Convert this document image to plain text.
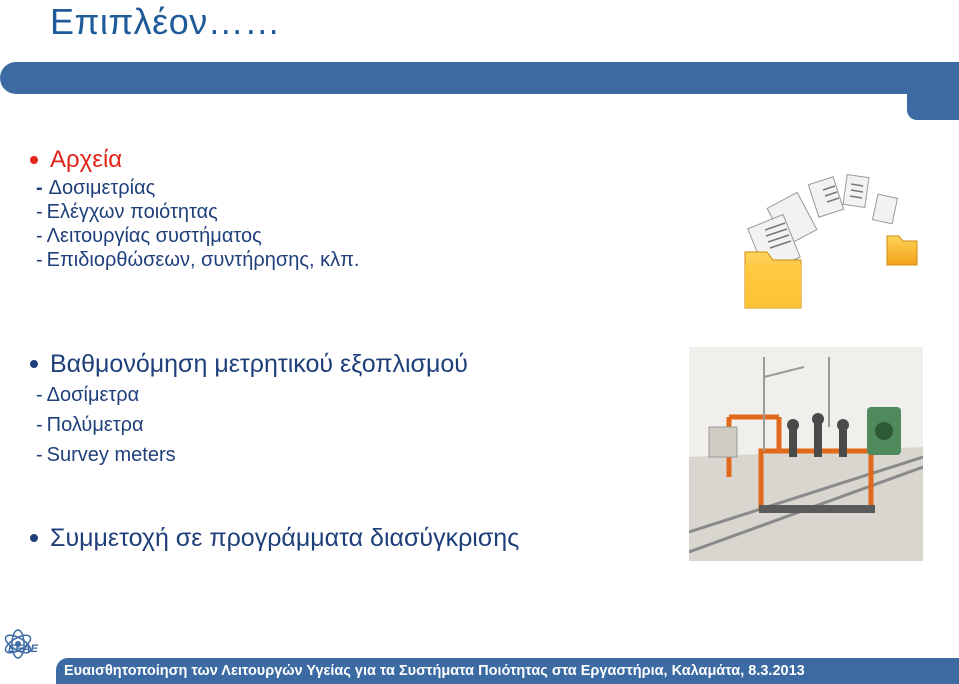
Επιπλέον……
Αρχεία
- Δοσιμετρίας
- Ελέγχων ποιότητας
- Λειτουργίας συστήματος
- Επιδιορθώσεων, συντήρησης, κλπ.
Βαθμονόμηση μετρητικού εξοπλισμού
- Δοσίμετρα
- Πολύμετρα
- Survey meters
Συμμετοχή σε προγράμματα διασύγκρισης
EEAE
Ευαισθητοποίηση των Λειτουργών Υγείας για τα Συστήματα Ποιότητας στα Εργαστήρια, Καλαμάτα, 8.3.2013
